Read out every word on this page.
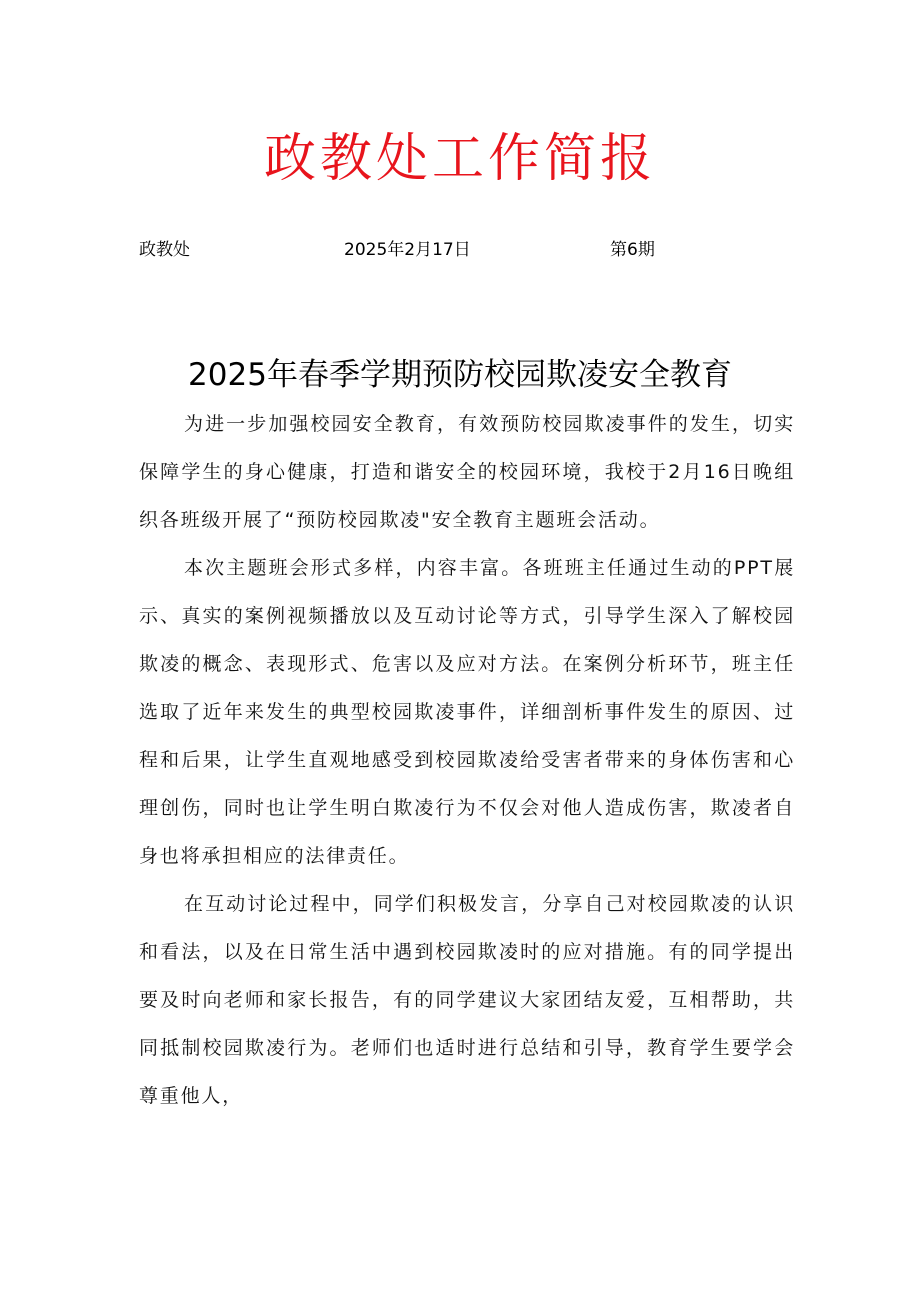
政教处工作简报
政教处	2025年2月17日	第6期
2025年春季学期预防校园欺凌安全教育

为进一步加强校园安全教育，有效预防校园欺凌事件的发生，切实保障学生的身心健康，打造和谐安全的校园环境，我校于2月16日晚组织各班级开展了“预防校园欺凌"安全教育主题班会活动。

本次主题班会形式多样，内容丰富。各班班主任通过生动的PPT展示、真实的案例视频播放以及互动讨论等方式，引导学生深入了解校园欺凌的概念、表现形式、危害以及应对方法。在案例分析环节，班主任选取了近年来发生的典型校园欺凌事件，详细剖析事件发生的原因、过程和后果，让学生直观地感受到校园欺凌给受害者带来的身体伤害和心理创伤，同时也让学生明白欺凌行为不仅会对他人造成伤害，欺凌者自身也将承担相应的法律责任。

在互动讨论过程中，同学们积极发言，分享自己对校园欺凌的认识和看法，以及在日常生活中遇到校园欺凌时的应对措施。有的同学提出要及时向老师和家长报告，有的同学建议大家团结友爱，互相帮助，共同抵制校园欺凌行为。老师们也适时进行总结和引导，教育学生要学会尊重他人，
